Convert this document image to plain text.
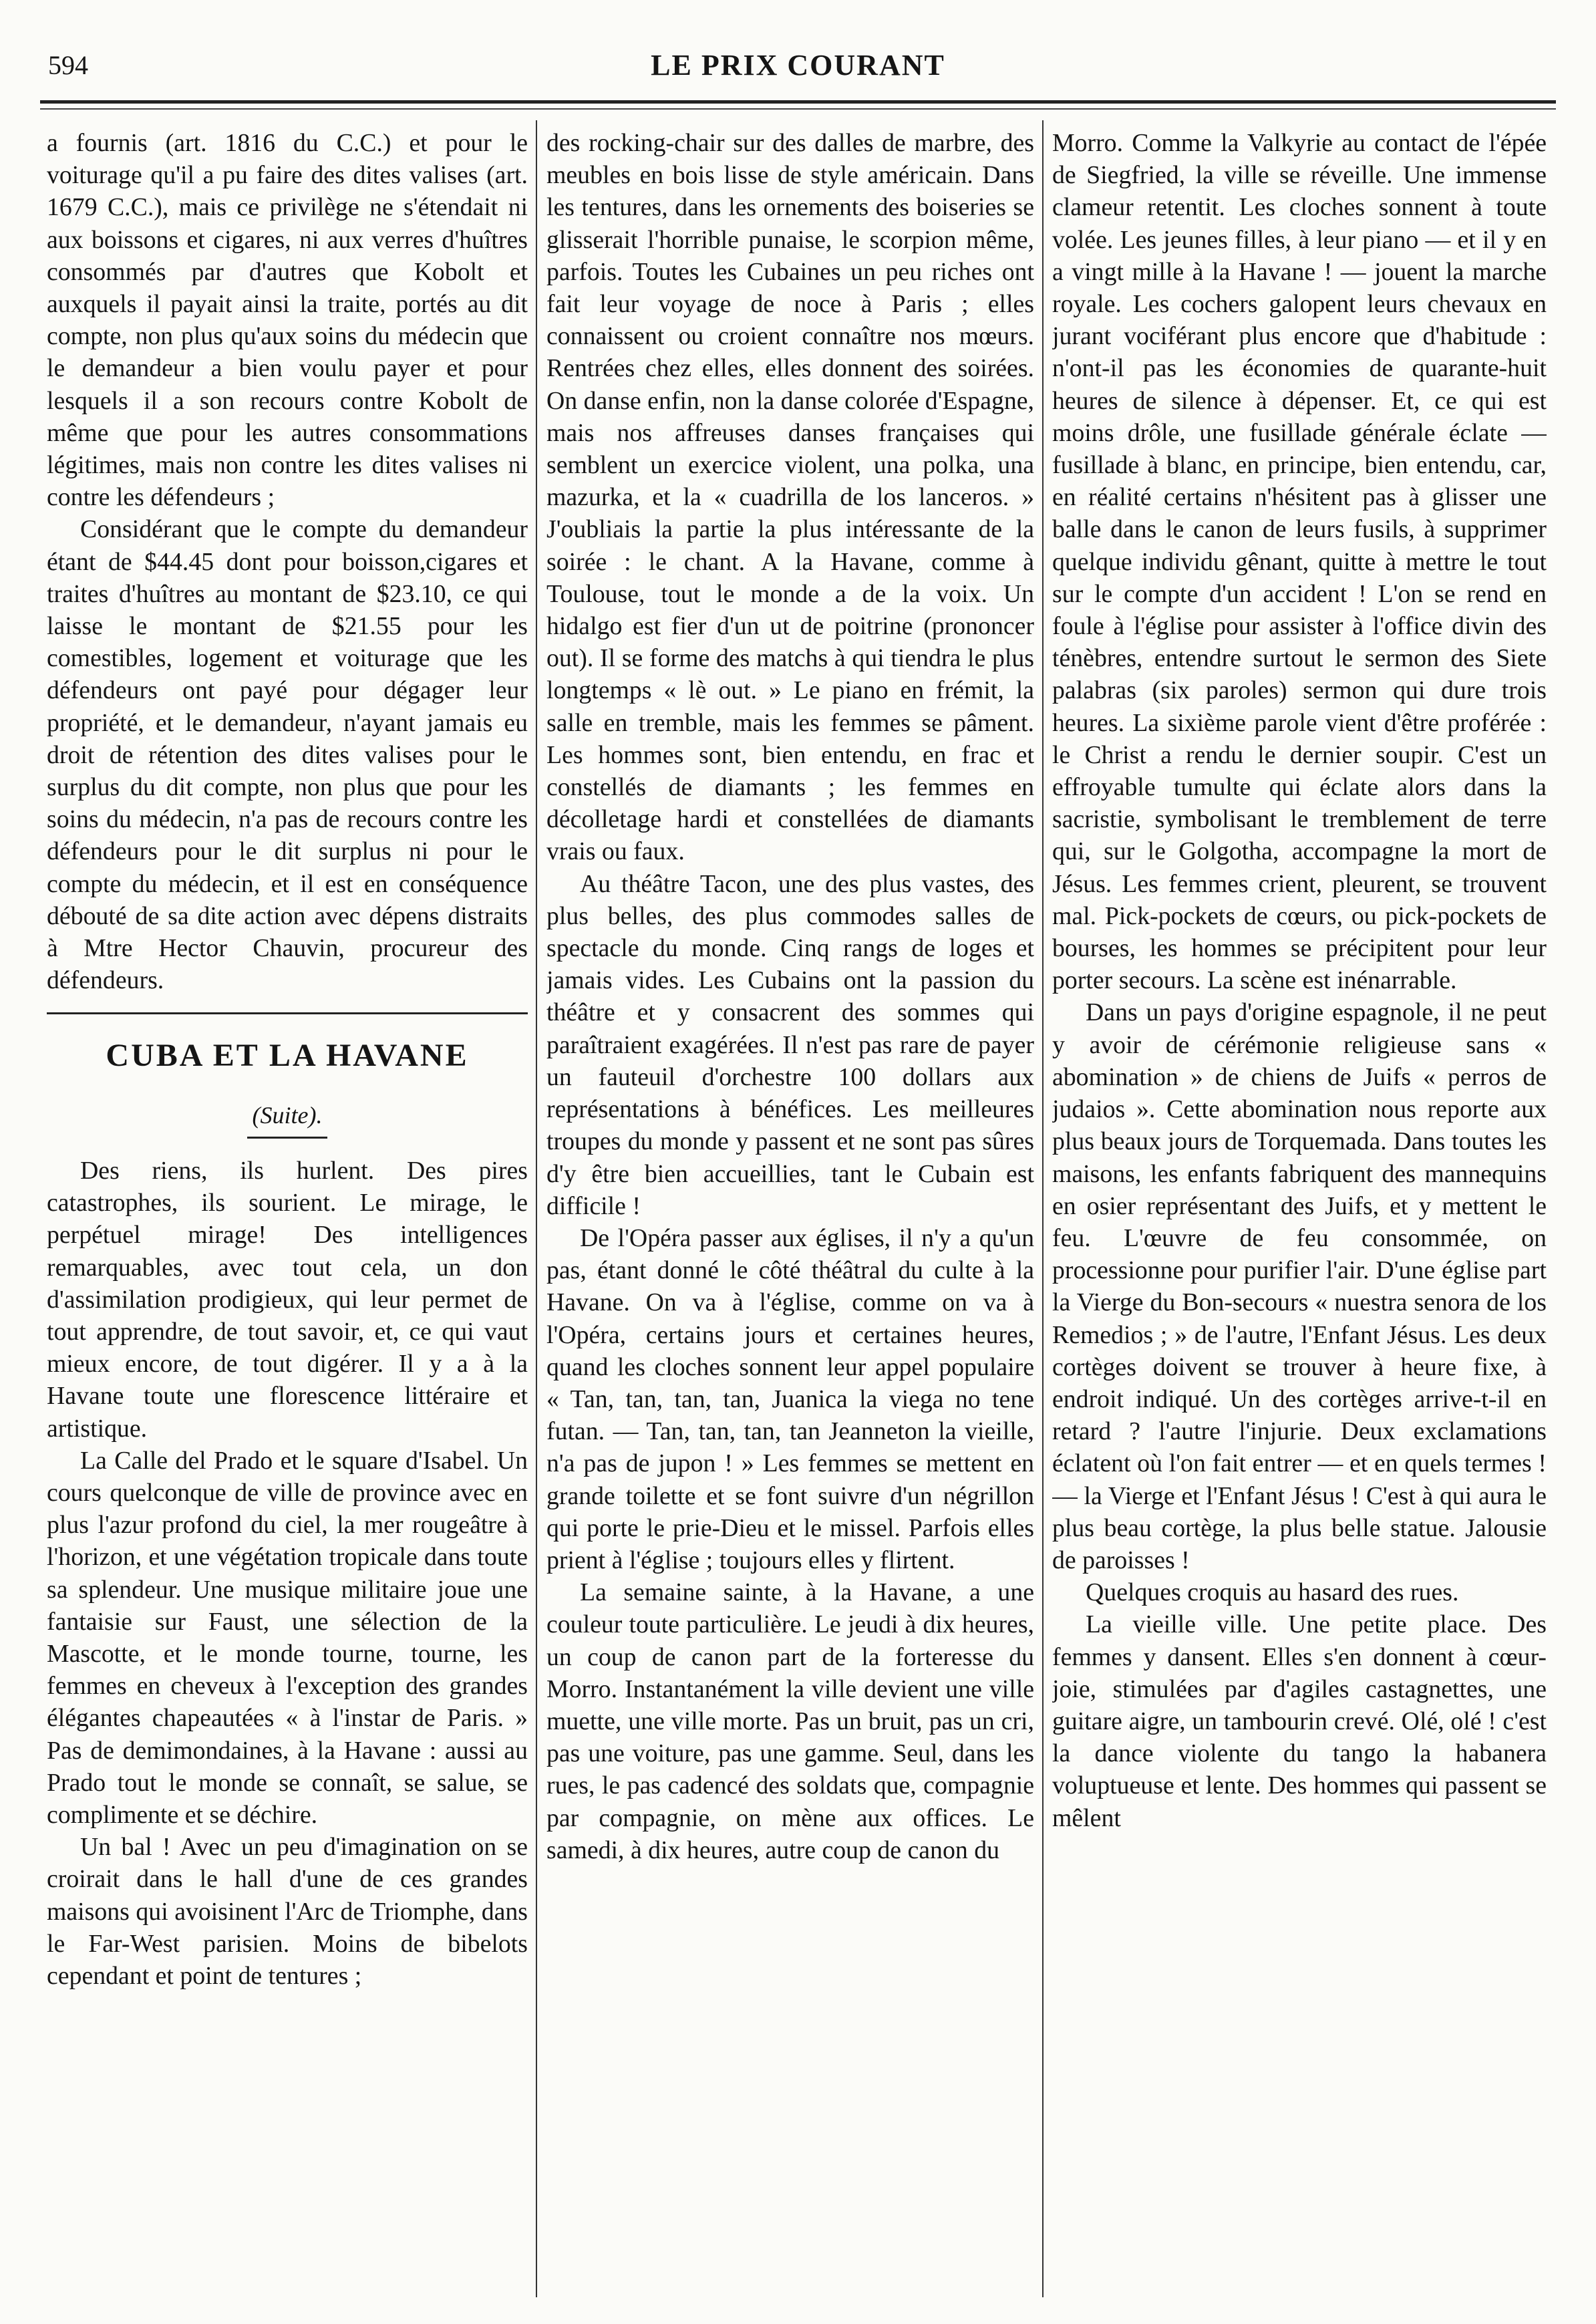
594	LE PRIX COURANT

a fournis (art. 1816 du C.C.) et pour le voiturage qu'il a pu faire des dites valises (art. 1679 C.C.), mais ce privilège ne s'étendait ni aux boissons et cigares, ni aux verres d'huîtres consommés par d'autres que Kobolt et auxquels il payait ainsi la traite, portés au dit compte, non plus qu'aux soins du médecin que le demandeur a bien voulu payer et pour lesquels il a son recours contre Kobolt de même que pour les autres consommations légitimes, mais non contre les dites valises ni contre les défendeurs ;

Considérant que le compte du demandeur étant de $44.45 dont pour boisson,cigares et traites d'huîtres au montant de $23.10, ce qui laisse le montant de $21.55 pour les comestibles, logement et voiturage que les défendeurs ont payé pour dégager leur propriété, et le demandeur, n'ayant jamais eu droit de rétention des dites valises pour le surplus du dit compte, non plus que pour les soins du médecin, n'a pas de recours contre les défendeurs pour le dit surplus ni pour le compte du médecin, et il est en conséquence débouté de sa dite action avec dépens distraits à Mtre Hector Chauvin, procureur des défendeurs.

CUBA ET LA HAVANE
(Suite).

Des riens, ils hurlent. Des pires catastrophes, ils sourient. Le mirage, le perpétuel mirage! Des intelligences remarquables, avec tout cela, un don d'assimilation prodigieux, qui leur permet de tout apprendre, de tout savoir, et, ce qui vaut mieux encore, de tout digérer. Il y a à la Havane toute une florescence littéraire et artistique.

La Calle del Prado et le square d'Isabel. Un cours quelconque de ville de province avec en plus l'azur profond du ciel, la mer rougeâtre à l'horizon, et une végétation tropicale dans toute sa splendeur. Une musique militaire joue une fantaisie sur Faust, une sélection de la Mascotte, et le monde tourne, tourne, les femmes en cheveux à l'exception des grandes élégantes chapeautées « à l'instar de Paris. » Pas de demimondaines, à la Havane : aussi au Prado tout le monde se connaît, se salue, se complimente et se déchire.

Un bal ! Avec un peu d'imagination on se croirait dans le hall d'une de ces grandes maisons qui avoisinent l'Arc de Triomphe, dans le Far-West parisien. Moins de bibelots cependant et point de tentures ;

des rocking-chair sur des dalles de marbre, des meubles en bois lisse de style américain. Dans les tentures, dans les ornements des boiseries se glisserait l'horrible punaise, le scorpion même, parfois. Toutes les Cubaines un peu riches ont fait leur voyage de noce à Paris ; elles connaissent ou croient connaître nos mœurs. Rentrées chez elles, elles donnent des soirées. On danse enfin, non la danse colorée d'Espagne, mais nos affreuses danses françaises qui semblent un exercice violent, una polka, una mazurka, et la « cuadrilla de los lanceros. » J'oubliais la partie la plus intéressante de la soirée : le chant. A la Havane, comme à Toulouse, tout le monde a de la voix. Un hidalgo est fier d'un ut de poitrine (prononcer out). Il se forme des matchs à qui tiendra le plus longtemps « lè out. » Le piano en frémit, la salle en tremble, mais les femmes se pâment. Les hommes sont, bien entendu, en frac et constellés de diamants ; les femmes en décolletage hardi et constellées de diamants vrais ou faux.

Au théâtre Tacon, une des plus vastes, des plus belles, des plus commodes salles de spectacle du monde. Cinq rangs de loges et jamais vides. Les Cubains ont la passion du théâtre et y consacrent des sommes qui paraîtraient exagérées. Il n'est pas rare de payer un fauteuil d'orchestre 100 dollars aux représentations à bénéfices. Les meilleures troupes du monde y passent et ne sont pas sûres d'y être bien accueillies, tant le Cubain est difficile !

De l'Opéra passer aux églises, il n'y a qu'un pas, étant donné le côté théâtral du culte à la Havane. On va à l'église, comme on va à l'Opéra, certains jours et certaines heures, quand les cloches sonnent leur appel populaire « Tan, tan, tan, tan, Juanica la viega no tene futan. — Tan, tan, tan, tan Jeanneton la vieille, n'a pas de jupon ! » Les femmes se mettent en grande toilette et se font suivre d'un négrillon qui porte le prie-Dieu et le missel. Parfois elles prient à l'église ; toujours elles y flirtent.

La semaine sainte, à la Havane, a une couleur toute particulière. Le jeudi à dix heures, un coup de canon part de la forteresse du Morro. Instantanément la ville devient une ville muette, une ville morte. Pas un bruit, pas un cri, pas une voiture, pas une gamme. Seul, dans les rues, le pas cadencé des soldats que, compagnie par compagnie, on mène aux offices. Le samedi, à dix heures, autre coup de canon du

Morro. Comme la Valkyrie au contact de l'épée de Siegfried, la ville se réveille. Une immense clameur retentit. Les cloches sonnent à toute volée. Les jeunes filles, à leur piano — et il y en a vingt mille à la Havane ! — jouent la marche royale. Les cochers galopent leurs chevaux en jurant vociférant plus encore que d'habitude : n'ont-il pas les économies de quarante-huit heures de silence à dépenser. Et, ce qui est moins drôle, une fusillade générale éclate — fusillade à blanc, en principe, bien entendu, car, en réalité certains n'hésitent pas à glisser une balle dans le canon de leurs fusils, à supprimer quelque individu gênant, quitte à mettre le tout sur le compte d'un accident ! L'on se rend en foule à l'église pour assister à l'office divin des ténèbres, entendre surtout le sermon des Siete palabras (six paroles) sermon qui dure trois heures. La sixième parole vient d'être proférée : le Christ a rendu le dernier soupir. C'est un effroyable tumulte qui éclate alors dans la sacristie, symbolisant le tremblement de terre qui, sur le Golgotha, accompagne la mort de Jésus. Les femmes crient, pleurent, se trouvent mal. Pick-pockets de cœurs, ou pick-pockets de bourses, les hommes se précipitent pour leur porter secours. La scène est inénarrable.

Dans un pays d'origine espagnole, il ne peut y avoir de cérémonie religieuse sans « abomination » de chiens de Juifs « perros de judaios ». Cette abomination nous reporte aux plus beaux jours de Torquemada. Dans toutes les maisons, les enfants fabriquent des mannequins en osier représentant des Juifs, et y mettent le feu. L'œuvre de feu consommée, on processionne pour purifier l'air. D'une église part la Vierge du Bon-secours « nuestra senora de los Remedios ; » de l'autre, l'Enfant Jésus. Les deux cortèges doivent se trouver à heure fixe, à endroit indiqué. Un des cortèges arrive-t-il en retard ? l'autre l'injurie. Deux exclamations éclatent où l'on fait entrer — et en quels termes ! — la Vierge et l'Enfant Jésus ! C'est à qui aura le plus beau cortège, la plus belle statue. Jalousie de paroisses !

Quelques croquis au hasard des rues.

La vieille ville. Une petite place. Des femmes y dansent. Elles s'en donnent à cœur-joie, stimulées par d'agiles castagnettes, une guitare aigre, un tambourin crevé. Olé, olé ! c'est la dance violente du tango la habanera voluptueuse et lente. Des hommes qui passent se mêlent
